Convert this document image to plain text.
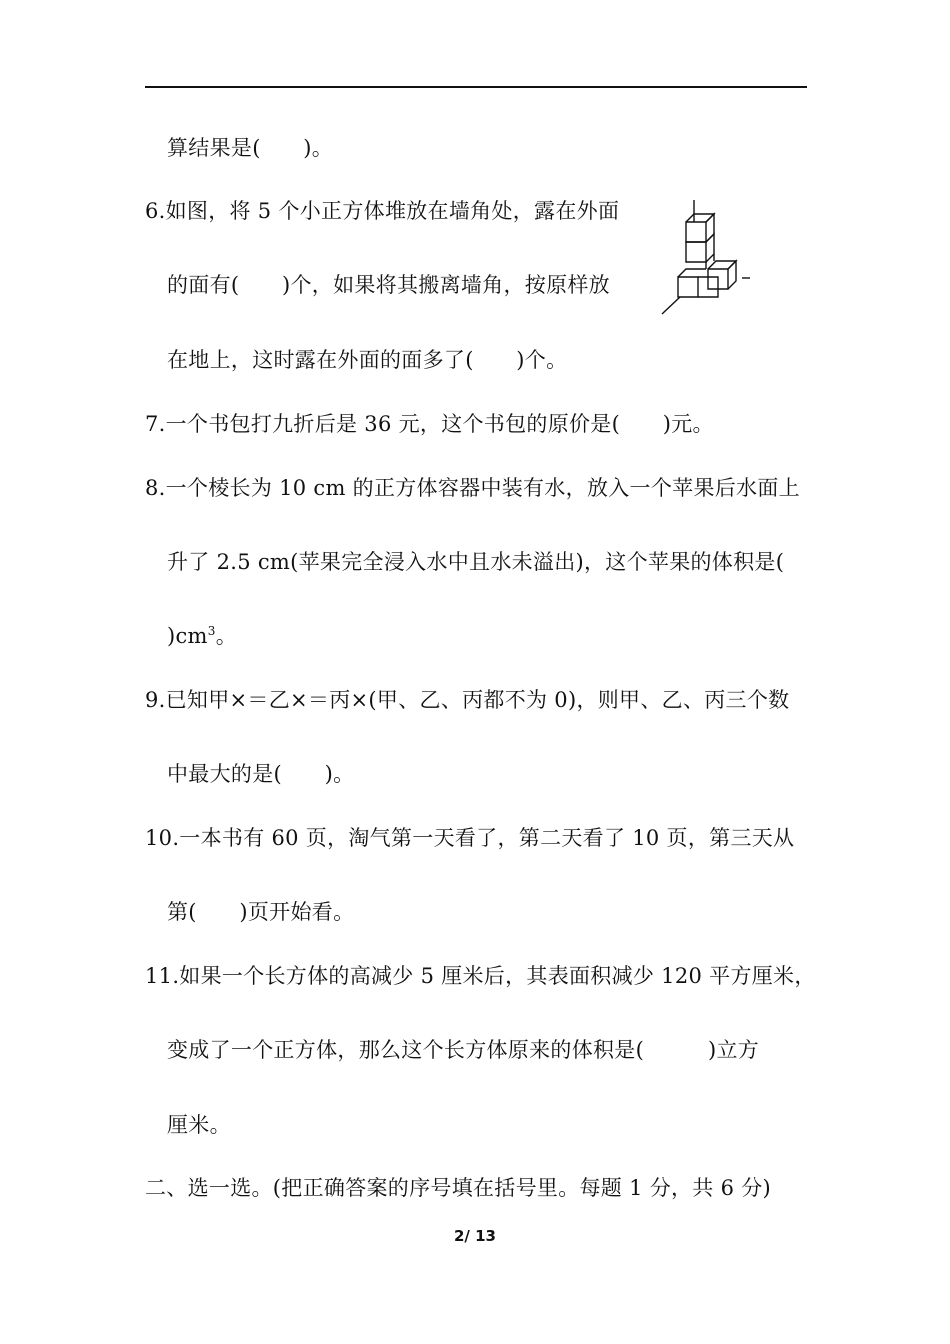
算结果是(　　)。
6.如图，将 5 个小正方体堆放在墙角处，露在外面
的面有(　　)个，如果将其搬离墙角，按原样放
在地上，这时露在外面的面多了(　　)个。
7.一个书包打九折后是 36 元，这个书包的原价是(　　)元。
8.一个棱长为 10 cm 的正方体容器中装有水，放入一个苹果后水面上
升了 2.5 cm(苹果完全浸入水中且水未溢出)，这个苹果的体积是(
)$cm^3$。
9.已知甲×＝乙×＝丙×(甲、乙、丙都不为 0)，则甲、乙、丙三个数
中最大的是(　　)。
10.一本书有 60 页，淘气第一天看了，第二天看了 10 页，第三天从
第(　　)页开始看。
11.如果一个长方体的高减少 5 厘米后，其表面积减少 120 平方厘米，
变成了一个正方体，那么这个长方体原来的体积是(　　　)立方
厘米。
二、选一选。(把正确答案的序号填在括号里。每题 1 分，共 6 分)
2/ 13
